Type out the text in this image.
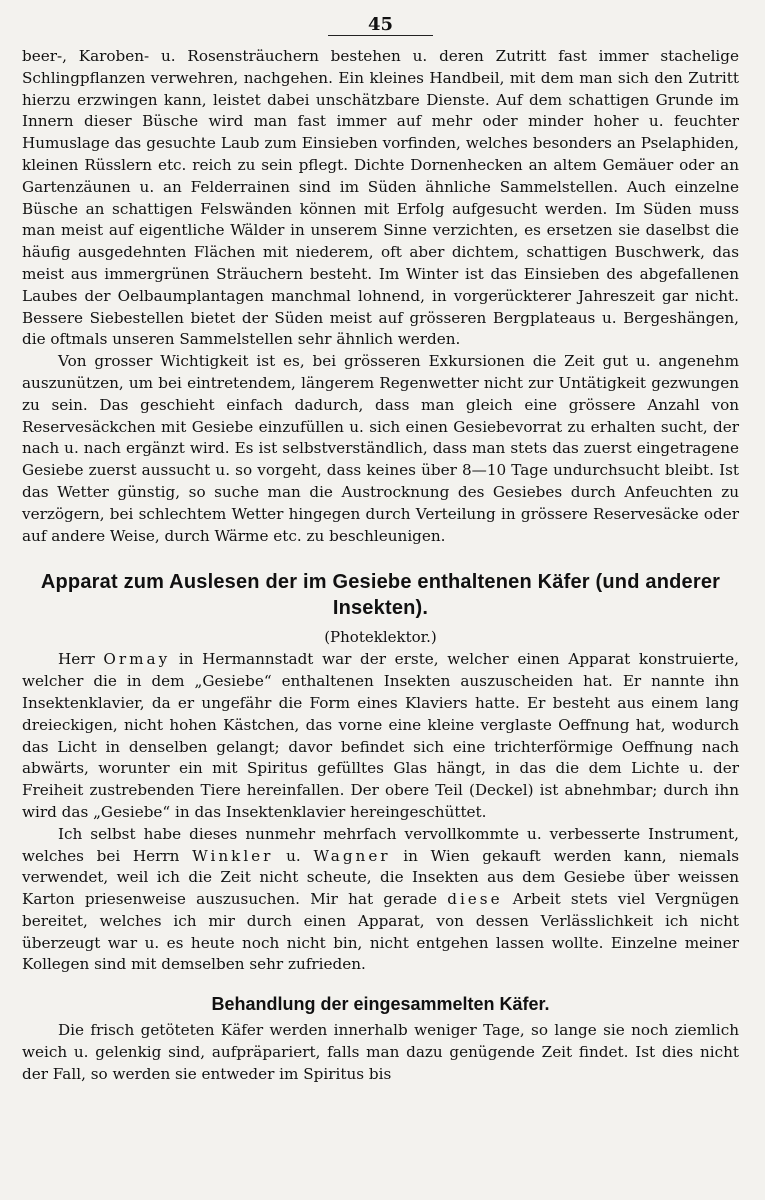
45

beer-, Karoben- u. Rosensträuchern bestehen u. deren Zutritt fast immer stachelige Schlingpflanzen verwehren, nachgehen. Ein kleines Handbeil, mit dem man sich den Zutritt hierzu erzwingen kann, leistet dabei unschätzbare Dienste. Auf dem schattigen Grunde im Innern dieser Büsche wird man fast immer auf mehr oder minder hoher u. feuchter Humuslage das gesuchte Laub zum Einsieben vorfinden, welches besonders an Pselaphiden, kleinen Rüsslern etc. reich zu sein pflegt. Dichte Dornenhecken an altem Gemäuer oder an Gartenzäunen u. an Felderrainen sind im Süden ähnliche Sammelstellen. Auch einzelne Büsche an schattigen Felswänden können mit Erfolg aufgesucht werden. Im Süden muss man meist auf eigentliche Wälder in unserem Sinne verzichten, es ersetzen sie daselbst die häufig ausgedehnten Flächen mit niederem, oft aber dichtem, schattigen Buschwerk, das meist aus immergrünen Sträuchern besteht. Im Winter ist das Einsieben des abgefallenen Laubes der Oelbaumplantagen manchmal lohnend, in vorgerückterer Jahreszeit gar nicht. Bessere Siebestellen bietet der Süden meist auf grösseren Bergplateaus u. Bergeshängen, die oftmals unseren Sammelstellen sehr ähnlich werden.

Von grosser Wichtigkeit ist es, bei grösseren Exkursionen die Zeit gut u. angenehm auszunützen, um bei eintretendem, längerem Regenwetter nicht zur Untätigkeit gezwungen zu sein. Das geschieht einfach dadurch, dass man gleich eine grössere Anzahl von Reservesäckchen mit Gesiebe einzufüllen u. sich einen Gesiebevorrat zu erhalten sucht, der nach u. nach ergänzt wird. Es ist selbstverständlich, dass man stets das zuerst eingetragene Gesiebe zuerst aussucht u. so vorgeht, dass keines über 8—10 Tage undurchsucht bleibt. Ist das Wetter günstig, so suche man die Austrocknung des Gesiebes durch Anfeuchten zu verzögern, bei schlechtem Wetter hingegen durch Verteilung in grössere Reservesäcke oder auf andere Weise, durch Wärme etc. zu beschleunigen.

Apparat zum Auslesen der im Gesiebe enthaltenen Käfer (und anderer Insekten).
(Photeklektor.)

Herr Ormay in Hermannstadt war der erste, welcher einen Apparat konstruierte, welcher die in dem „Gesiebe“ enthaltenen Insekten auszuscheiden hat. Er nannte ihn Insektenklavier, da er ungefähr die Form eines Klaviers hatte. Er besteht aus einem lang dreieckigen, nicht hohen Kästchen, das vorne eine kleine verglaste Oeffnung hat, wodurch das Licht in denselben gelangt; davor befindet sich eine trichterförmige Oeffnung nach abwärts, worunter ein mit Spiritus gefülltes Glas hängt, in das die dem Lichte u. der Freiheit zustrebenden Tiere hereinfallen. Der obere Teil (Deckel) ist abnehmbar; durch ihn wird das „Gesiebe“ in das Insektenklavier hereingeschüttet.

Ich selbst habe dieses nunmehr mehrfach vervollkommte u. verbesserte Instrument, welches bei Herrn Winkler u. Wagner in Wien gekauft werden kann, niemals verwendet, weil ich die Zeit nicht scheute, die Insekten aus dem Gesiebe über weissen Karton priesenweise auszusuchen. Mir hat gerade diese Arbeit stets viel Vergnügen bereitet, welches ich mir durch einen Apparat, von dessen Verlässlichkeit ich nicht überzeugt war u. es heute noch nicht bin, nicht entgehen lassen wollte. Einzelne meiner Kollegen sind mit demselben sehr zufrieden.

Behandlung der eingesammelten Käfer.

Die frisch getöteten Käfer werden innerhalb weniger Tage, so lange sie noch ziemlich weich u. gelenkig sind, aufpräpariert, falls man dazu genügende Zeit findet. Ist dies nicht der Fall, so werden sie entweder im Spiritus bis
